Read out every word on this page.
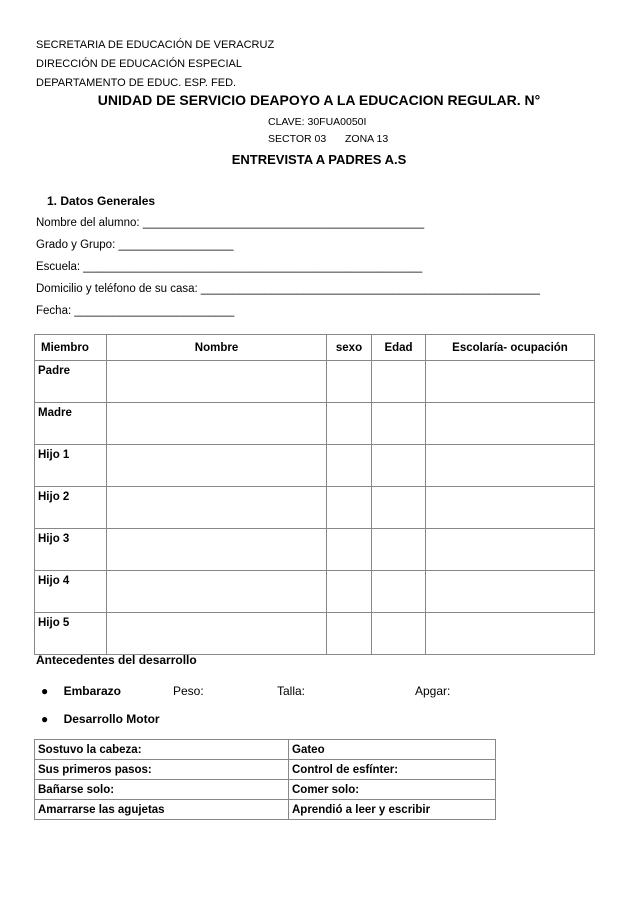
SECRETARIA DE EDUCACIÓN DE VERACRUZ
DIRECCIÓN DE EDUCACIÓN ESPECIAL
DEPARTAMENTO DE EDUC. ESP. FED.
UNIDAD DE SERVICIO DEAPOYO A LA EDUCACION REGULAR. N°
CLAVE: 30FUA0050I
SECTOR 03 ZONA 13
ENTREVISTA A PADRES A.S
1. Datos Generales
Nombre del alumno: ____________________________________________
Grado y Grupo: __________________
Escuela: _____________________________________________________
Domicilio y teléfono de su casa: _____________________________________________________
Fecha: _________________________
Miembro	Nombre	sexo	Edad	Escolaría- ocupación
Padre				
Madre				
Hijo 1				
Hijo 2				
Hijo 3				
Hijo 4				
Hijo 5				
Antecedentes del desarrollo
● Embarazo	Peso:	Talla:	Apgar:
● Desarrollo Motor
Sostuvo la cabeza:	Gateo
Sus primeros pasos:	Control de esfínter:
Bañarse solo:	Comer solo:
Amarrarse las agujetas	Aprendió a leer y escribir
